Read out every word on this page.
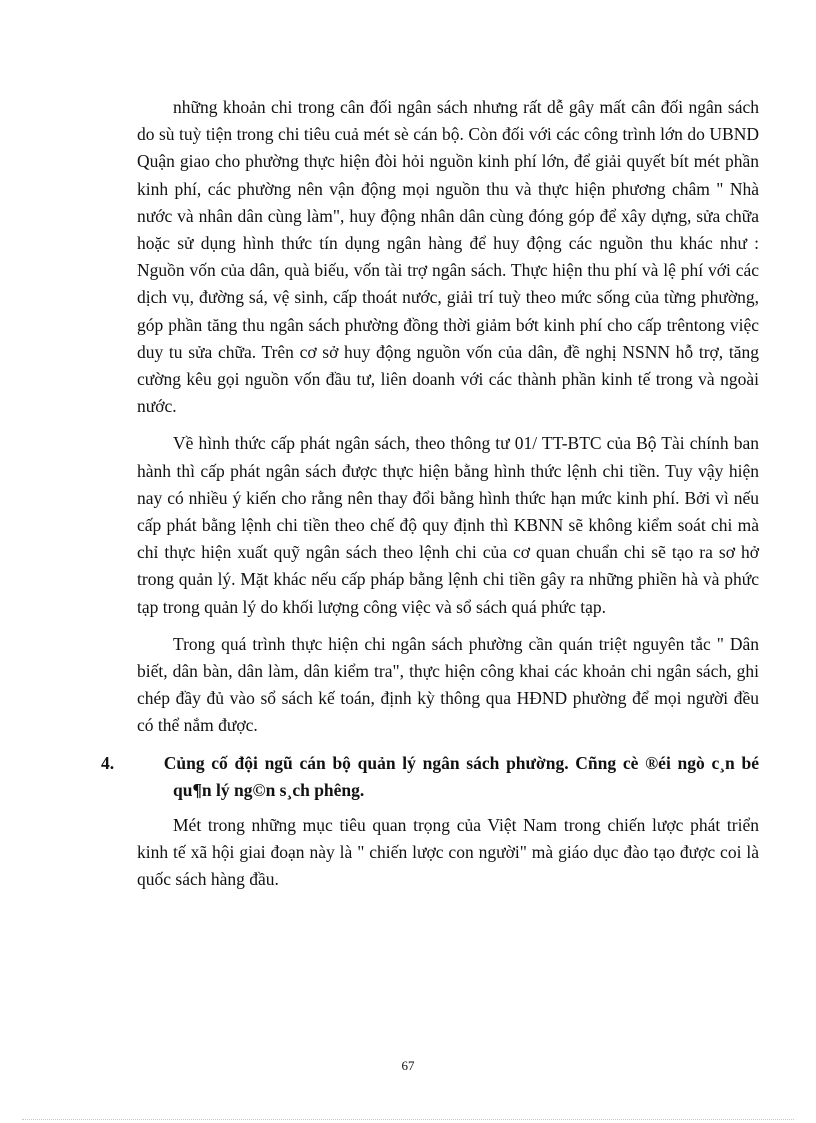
những khoản chi trong cân đối ngân sách nhưng rất dễ gây mất cân đối ngân sách do sù tuỳ tiện trong chi tiêu cuả mét sè cán bộ. Còn đối với các công trình lớn do UBND Quận giao cho phường thực hiện đòi hỏi nguồn kinh phí lớn, để giải quyết bít mét phần kinh phí, các phường nên vận động mọi nguồn thu và thực hiện phương châm " Nhà nước và nhân dân cùng làm", huy động nhân dân cùng đóng góp để xây dựng, sửa chữa hoặc sử dụng hình thức tín dụng ngân hàng để huy động các nguồn thu khác như : Nguồn vốn của dân, quà biếu, vốn tài trợ ngân sách. Thực hiện thu phí và lệ phí với các dịch vụ, đường sá, vệ sinh, cấp thoát nước, giải trí tuỳ theo mức sống của từng phường, góp phần tăng thu ngân sách phường đồng thời giảm bớt kinh phí cho cấp trêntong việc duy tu sửa chữa. Trên cơ sở huy động nguồn vốn của dân, đề nghị NSNN hỗ trợ, tăng cường kêu gọi nguồn vốn đầu tư, liên doanh với các thành phần kinh tế trong và ngoài nước.

Về hình thức cấp phát ngân sách, theo thông tư 01/ TT-BTC của Bộ Tài chính ban hành thì cấp phát ngân sách được thực hiện bằng hình thức lệnh chi tiền. Tuy vậy hiện nay có nhiều ý kiến cho rằng nên thay đổi bằng hình thức hạn mức kinh phí. Bởi vì nếu cấp phát bằng lệnh chi tiền theo chế độ quy định thì KBNN sẽ không kiểm soát chi mà chỉ thực hiện xuất quỹ ngân sách theo lệnh chi của cơ quan chuẩn chi sẽ tạo ra sơ hở trong quản lý. Mặt khác nếu cấp pháp bằng lệnh chi tiền gây ra những phiền hà và phức tạp trong quản lý do khối lượng công việc và sổ sách quá phức tạp.

Trong quá trình thực hiện chi ngân sách phường cần quán triệt nguyên tắc " Dân biết, dân bàn, dân làm, dân kiểm tra", thực hiện công khai các khoản chi ngân sách, ghi chép đầy đủ vào sổ sách kế toán, định kỳ thông qua HĐND phường để mọi người đều có thể nắm được.

4.	Củng cố đội ngũ cán bộ quản lý ngân sách phường. Cñng cè ®éi ngò c¸n bé qu¶n lý ng©n s¸ch phêng.

Mét trong những mục tiêu quan trọng của Việt Nam trong chiến lược phát triển kinh tế xã hội giai đoạn này là " chiến lược con người" mà giáo dục đào tạo được coi là quốc sách hàng đầu.

67
